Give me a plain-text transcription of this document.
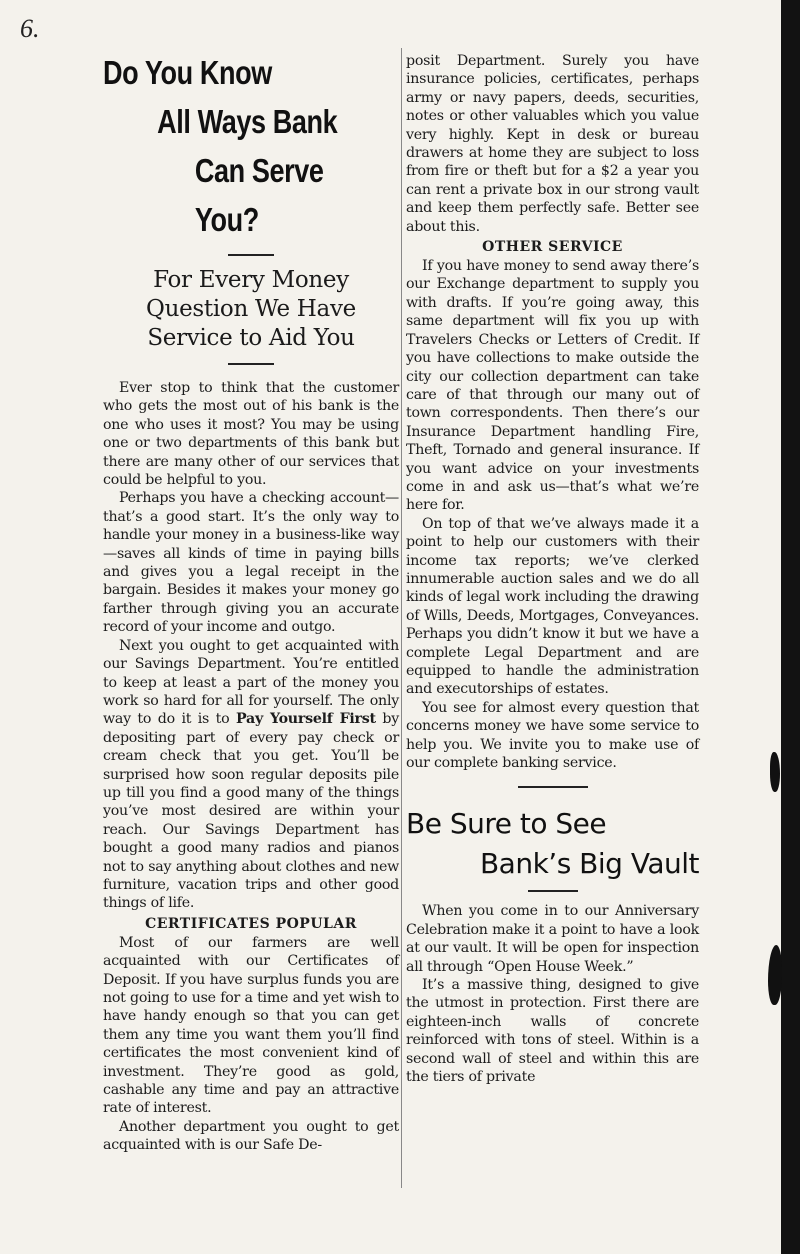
6.
Do You Know
All Ways Bank
Can Serve You?
For Every Money Question We Have Service to Aid You

Ever stop to think that the customer who gets the most out of his bank is the one who uses it most? You may be using one or two departments of this bank but there are many other of our services that could be helpful to you.

Perhaps you have a checking account—that’s a good start. It’s the only way to handle your money in a business-like way—saves all kinds of time in paying bills and gives you a legal receipt in the bargain. Besides it makes your money go farther through giving you an accurate record of your income and outgo.

Next you ought to get acquainted with our Savings Department. You’re entitled to keep at least a part of the money you work so hard for all for yourself. The only way to do it is to Pay Yourself First by depositing part of every pay check or cream check that you get. You’ll be surprised how soon regular deposits pile up till you find a good many of the things you’ve most desired are within your reach. Our Savings Department has bought a good many radios and pianos not to say anything about clothes and new furniture, vacation trips and other good things of life.

CERTIFICATES POPULAR

Most of our farmers are well acquainted with our Certificates of Deposit. If you have surplus funds you are not going to use for a time and yet wish to have handy enough so that you can get them any time you want them you’ll find certificates the most convenient kind of investment. They’re good as gold, cashable any time and pay an attractive rate of interest.

Another department you ought to get acquainted with is our Safe De-

posit Department. Surely you have insurance policies, certificates, perhaps army or navy papers, deeds, securities, notes or other valuables which you value very highly. Kept in desk or bureau drawers at home they are subject to loss from fire or theft but for a $2 a year you can rent a private box in our strong vault and keep them perfectly safe. Better see about this.

OTHER SERVICE

If you have money to send away there’s our Exchange department to supply you with drafts. If you’re going away, this same department will fix you up with Travelers Checks or Letters of Credit. If you have collections to make outside the city our collection department can take care of that through our many out of town correspondents. Then there’s our Insurance Department handling Fire, Theft, Tornado and general insurance. If you want advice on your investments come in and ask us—that’s what we’re here for.

On top of that we’ve always made it a point to help our customers with their income tax reports; we’ve clerked innumerable auction sales and we do all kinds of legal work including the drawing of Wills, Deeds, Mortgages, Conveyances. Perhaps you didn’t know it but we have a complete Legal Department and are equipped to handle the administration and executorships of estates.

You see for almost every question that concerns money we have some service to help you. We invite you to make use of our complete banking service.

Be Sure to See
Bank’s Big Vault

When you come in to our Anniversary Celebration make it a point to have a look at our vault. It will be open for inspection all through “Open House Week.”

It’s a massive thing, designed to give the utmost in protection. First there are eighteen-inch walls of concrete reinforced with tons of steel. Within is a second wall of steel and within this are the tiers of private
